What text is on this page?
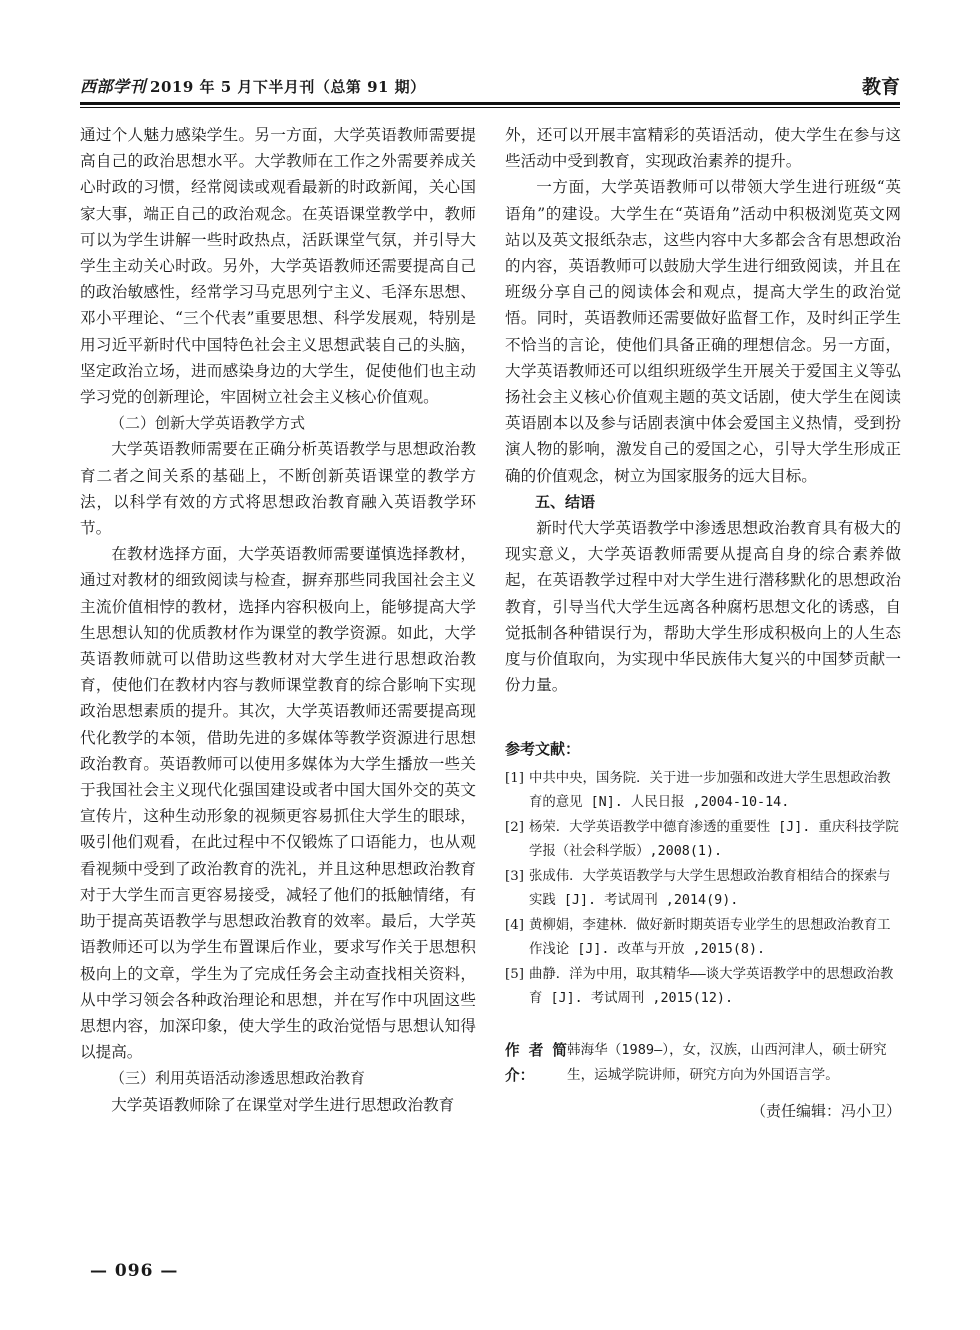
西部学刊 2019 年 5 月下半月刊（总第 91 期）	教育

通过个人魅力感染学生。另一方面，大学英语教师需要提高自己的政治思想水平。大学教师在工作之外需要养成关心时政的习惯，经常阅读或观看最新的时政新闻，关心国家大事，端正自己的政治观念。在英语课堂教学中，教师可以为学生讲解一些时政热点，活跃课堂气氛，并引导大学生主动关心时政。另外，大学英语教师还需要提高自己的政治敏感性，经常学习马克思列宁主义、毛泽东思想、邓小平理论、“三个代表”重要思想、科学发展观，特别是用习近平新时代中国特色社会主义思想武装自己的头脑，坚定政治立场，进而感染身边的大学生，促使他们也主动学习党的创新理论，牢固树立社会主义核心价值观。

（二）创新大学英语教学方式

大学英语教师需要在正确分析英语教学与思想政治教育二者之间关系的基础上，不断创新英语课堂的教学方法，以科学有效的方式将思想政治教育融入英语教学环节。

在教材选择方面，大学英语教师需要谨慎选择教材，通过对教材的细致阅读与检查，摒弃那些同我国社会主义主流价值相悖的教材，选择内容积极向上，能够提高大学生思想认知的优质教材作为课堂的教学资源。如此，大学英语教师就可以借助这些教材对大学生进行思想政治教育，使他们在教材内容与教师课堂教育的综合影响下实现政治思想素质的提升。其次，大学英语教师还需要提高现代化教学的本领，借助先进的多媒体等教学资源进行思想政治教育。英语教师可以使用多媒体为大学生播放一些关于我国社会主义现代化强国建设或者中国大国外交的英文宣传片，这种生动形象的视频更容易抓住大学生的眼球，吸引他们观看，在此过程中不仅锻炼了口语能力，也从观看视频中受到了政治教育的洗礼，并且这种思想政治教育对于大学生而言更容易接受，减轻了他们的抵触情绪，有助于提高英语教学与思想政治教育的效率。最后，大学英语教师还可以为学生布置课后作业，要求写作关于思想积极向上的文章，学生为了完成任务会主动查找相关资料，从中学习领会各种政治理论和思想，并在写作中巩固这些思想内容，加深印象，使大学生的政治觉悟与思想认知得以提高。

（三）利用英语活动渗透思想政治教育

大学英语教师除了在课堂对学生进行思想政治教育

外，还可以开展丰富精彩的英语活动，使大学生在参与这些活动中受到教育，实现政治素养的提升。

一方面，大学英语教师可以带领大学生进行班级“英语角”的建设。大学生在“英语角”活动中积极浏览英文网站以及英文报纸杂志，这些内容中大多都会含有思想政治的内容，英语教师可以鼓励大学生进行细致阅读，并且在班级分享自己的阅读体会和观点，提高大学生的政治觉悟。同时，英语教师还需要做好监督工作，及时纠正学生不恰当的言论，使他们具备正确的理想信念。另一方面，大学英语教师还可以组织班级学生开展关于爱国主义等弘扬社会主义核心价值观主题的英文话剧，使大学生在阅读英语剧本以及参与话剧表演中体会爱国主义热情，受到扮演人物的影响，激发自己的爱国之心，引导大学生形成正确的价值观念，树立为国家服务的远大目标。

五、结语

新时代大学英语教学中渗透思想政治教育具有极大的现实意义，大学英语教师需要从提高自身的综合素养做起，在英语教学过程中对大学生进行潜移默化的思想政治教育，引导当代大学生远离各种腐朽思想文化的诱惑，自觉抵制各种错误行为，帮助大学生形成积极向上的人生态度与价值取向，为实现中华民族伟大复兴的中国梦贡献一份力量。

参考文献：
[1] 中共中央，国务院．关于进一步加强和改进大学生思想政治教育的意见 [N]. 人民日报 ,2004-10-14.
[2] 杨荣．大学英语教学中德育渗透的重要性 [J]. 重庆科技学院学报（社会科学版）,2008(1).
[3] 张成伟．大学英语教学与大学生思想政治教育相结合的探索与实践 [J]. 考试周刊 ,2014(9).
[4] 黄柳娟，李建林．做好新时期英语专业学生的思想政治教育工作浅论 [J]. 改革与开放 ,2015(8).
[5] 曲静．洋为中用，取其精华——谈大学英语教学中的思想政治教育 [J]. 考试周刊 ,2015(12).
作者简介：
韩海华（1989—），女，汉族，山西河津人，硕士研究生，运城学院讲师，研究方向为外国语言学。
（责任编辑：冯小卫）
— 096 —
